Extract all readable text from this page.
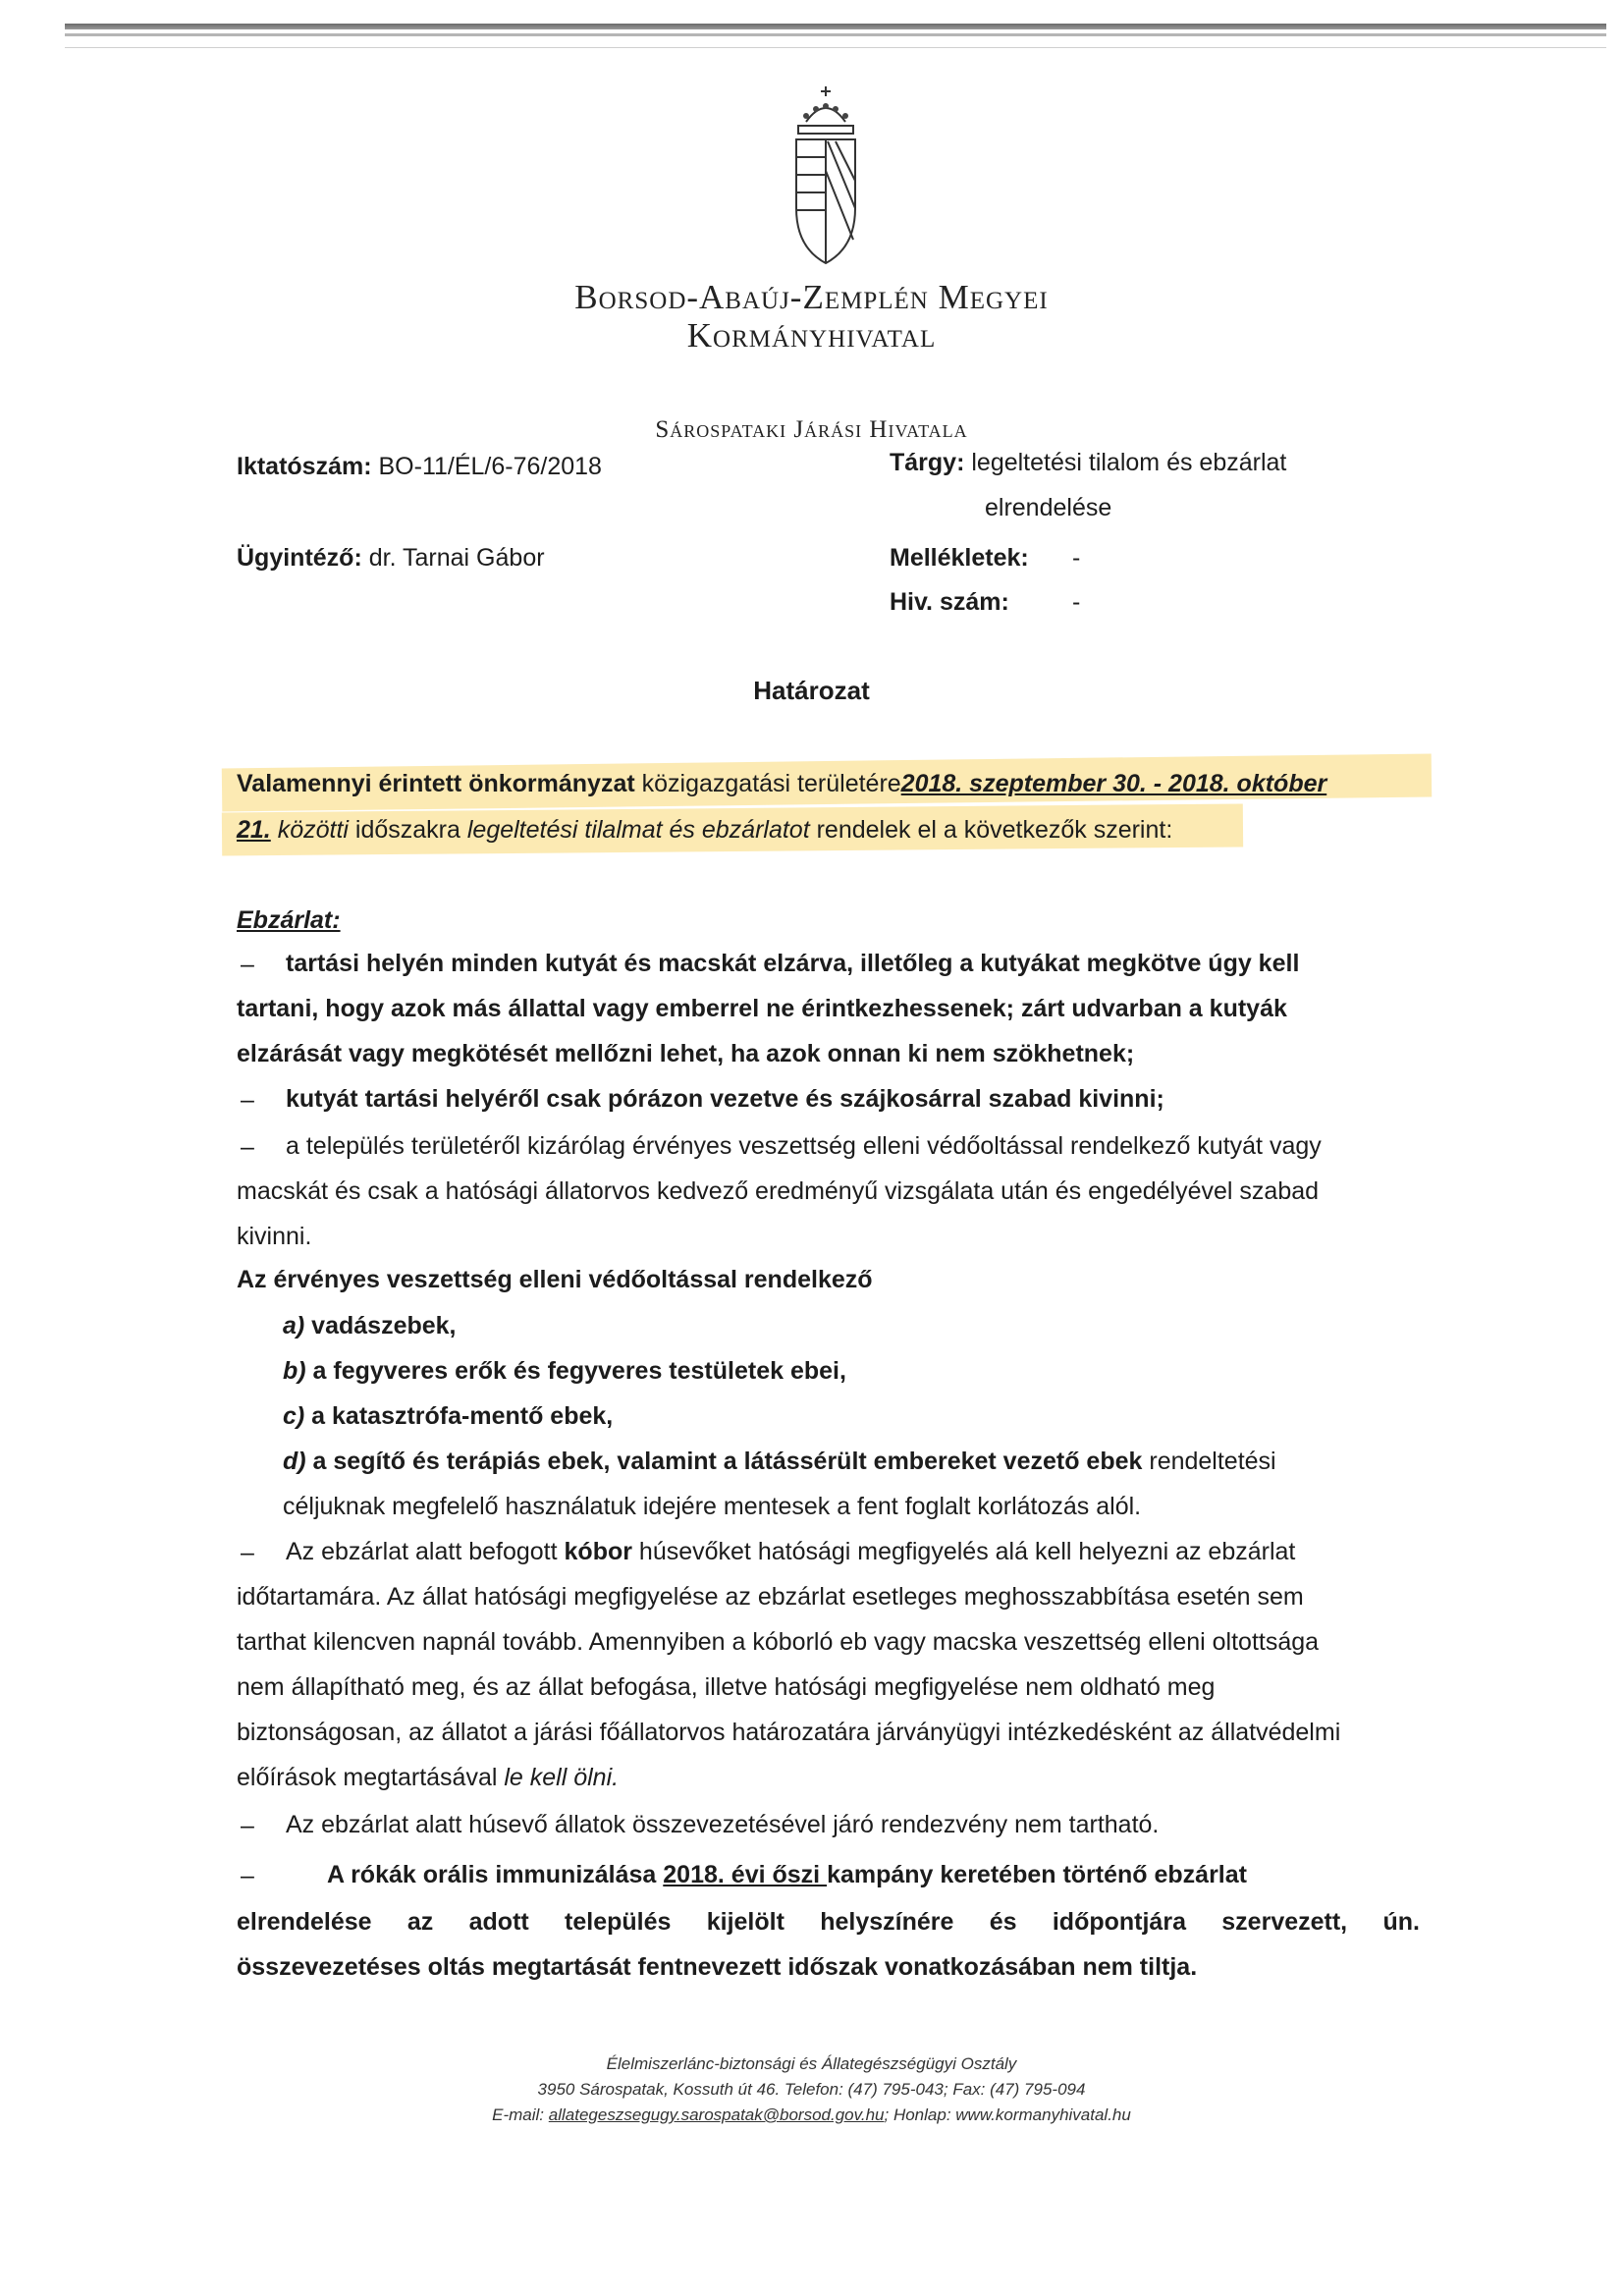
Borsod-Abaúj-Zemplén Megyei
Kormányhivatal
Sárospataki Járási Hivatala
Iktatószám: BO-11/ÉL/6-76/2018	Tárgy: legeltetési tilalom és ebzárlat
elrendelése
Ügyintéző: dr. Tarnai Gábor	Mellékletek: -
Hiv. szám:	-
Határozat
Valamennyi érintett önkormányzat közigazgatási területére2018. szeptember 30. - 2018. október
21. közötti időszakra legeltetési tilalmat és ebzárlatot rendelek el a következők szerint:
Ebzárlat:
– tartási helyén minden kutyát és macskát elzárva, illetőleg a kutyákat megkötve úgy kell
tartani, hogy azok más állattal vagy emberrel ne érintkezhessenek; zárt udvarban a kutyák
elzárását vagy megkötését mellőzni lehet, ha azok onnan ki nem szökhetnek;
– kutyát tartási helyéről csak pórázon vezetve és szájkosárral szabad kivinni;
– a település területéről kizárólag érvényes veszettség elleni védőoltással rendelkező kutyát vagy
macskát és csak a hatósági állatorvos kedvező eredményű vizsgálata után és engedélyével szabad
kivinni.
Az érvényes veszettség elleni védőoltással rendelkező
a) vadászebek,
b) a fegyveres erők és fegyveres testületek ebei,
c) a katasztrófa-mentő ebek,
d) a segítő és terápiás ebek, valamint a látássérült embereket vezető ebek rendeltetési
céljuknak megfelelő használatuk idejére mentesek a fent foglalt korlátozás alól.
– Az ebzárlat alatt befogott kóbor húsevőket hatósági megfigyelés alá kell helyezni az ebzárlat
időtartamára. Az állat hatósági megfigyelése az ebzárlat esetleges meghosszabbítása esetén sem
tarthat kilencven napnál tovább. Amennyiben a kóborló eb vagy macska veszettség elleni oltottsága
nem állapítható meg, és az állat befogása, illetve hatósági megfigyelése nem oldható meg
biztonságosan, az állatot a járási főállatorvos határozatára járványügyi intézkedésként az állatvédelmi
előírások megtartásával le kell ölni.
– Az ebzárlat alatt húsevő állatok összevezetésével járó rendezvény nem tartható.
–	A rókák orális immunizálása 2018. évi őszi kampány keretében történő ebzárlat
elrendelése az adott település kijelölt helyszínére és időpontjára szervezett, ún.
összevezetéses oltás megtartását fentnevezett időszak vonatkozásában nem tiltja.
Élelmiszerlánc-biztonsági és Állategészségügyi Osztály
3950 Sárospatak, Kossuth út 46. Telefon: (47) 795-043; Fax: (47) 795-094
E-mail: allategeszsegugy.sarospatak@borsod.gov.hu; Honlap: www.kormanyhivatal.hu
